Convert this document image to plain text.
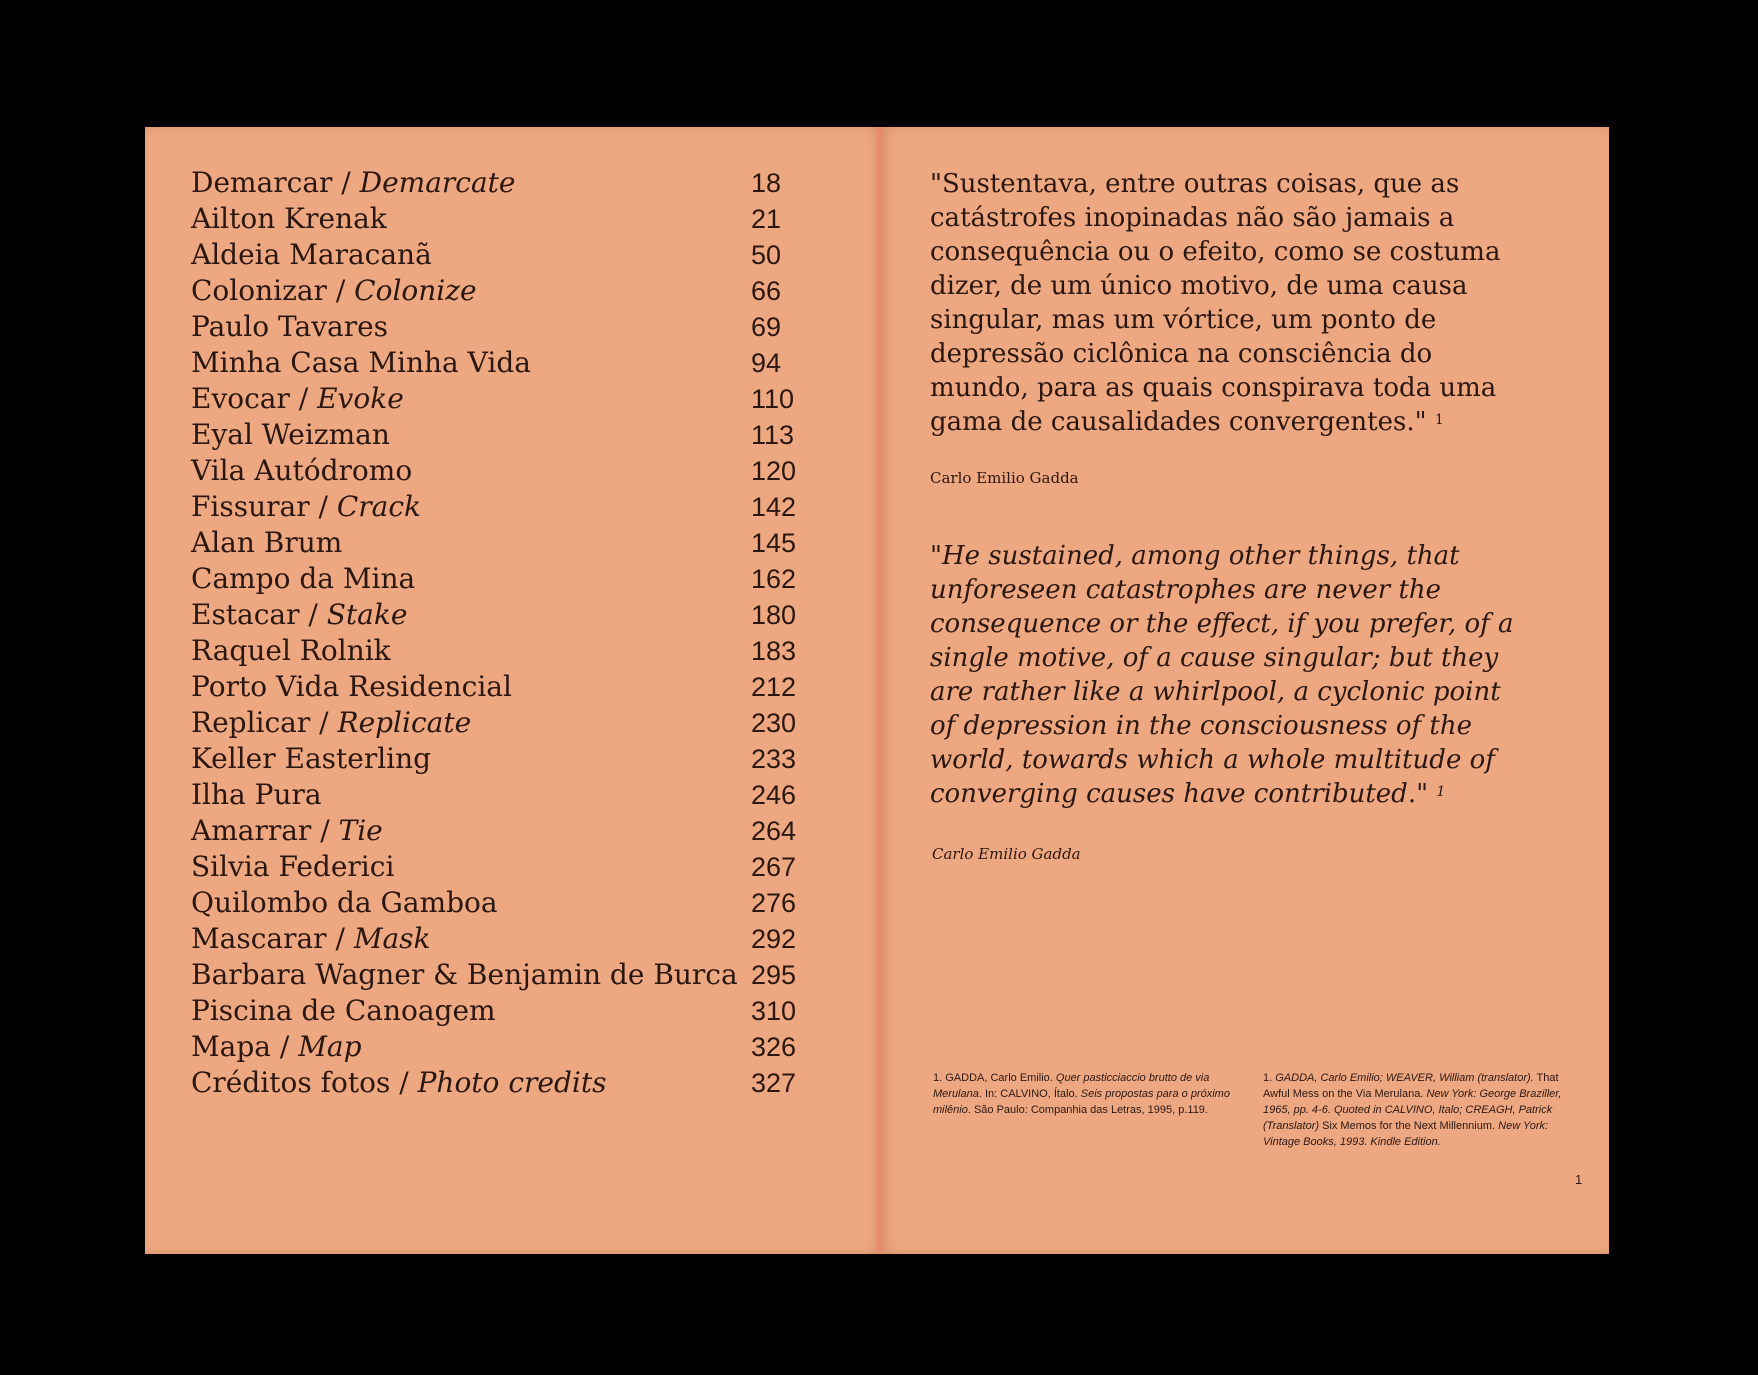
Demarcar / Demarcate	18
Ailton Krenak	21
Aldeia Maracanã	50
Colonizar / Colonize	66
Paulo Tavares	69
Minha Casa Minha Vida	94
Evocar / Evoke	110
Eyal Weizman	113
Vila Autódromo	120
Fissurar / Crack	142
Alan Brum	145
Campo da Mina	162
Estacar / Stake	180
Raquel Rolnik	183
Porto Vida Residencial	212
Replicar / Replicate	230
Keller Easterling	233
Ilha Pura	246
Amarrar / Tie	264
Silvia Federici	267
Quilombo da Gamboa	276
Mascarar / Mask	292
Barbara Wagner & Benjamin de Burca 295
Piscina de Canoagem	310
Mapa / Map	326
Créditos fotos / Photo credits	327

"Sustentava, entre outras coisas, que as catástrofes inopinadas não são jamais a consequência ou o efeito, como se costuma dizer, de um único motivo, de uma causa singular, mas um vórtice, um ponto de depressão ciclônica na consciência do mundo, para as quais conspirava toda uma gama de causalidades convergentes." $^1$

Carlo Emilio Gadda

"He sustained, among other things, that unforeseen catastrophes are never the consequence or the effect, if you prefer, of a single motive, of a cause singular; but they are rather like a whirlpool, a cyclonic point of depression in the consciousness of the world, towards which a whole multitude of converging causes have contributed." $^1$

Carlo Emilio Gadda
1. GADDA, Carlo Emilio. Quer pasticciaccio brutto de via Merulana. In: CALVINO, Ítalo. Seis propostas para o próximo milênio. São Paulo: Companhia das Letras, 1995, p.119.
1. GADDA, Carlo Emilio; WEAVER, William (translator). That Awful Mess on the Via Merulana. New York: George Braziller, 1965, pp. 4-6. Quoted in CALVINO, Italo; CREAGH, Patrick (Translator) Six Memos for the Next Millennium. New York: Vintage Books, 1993. Kindle Edition.
1
